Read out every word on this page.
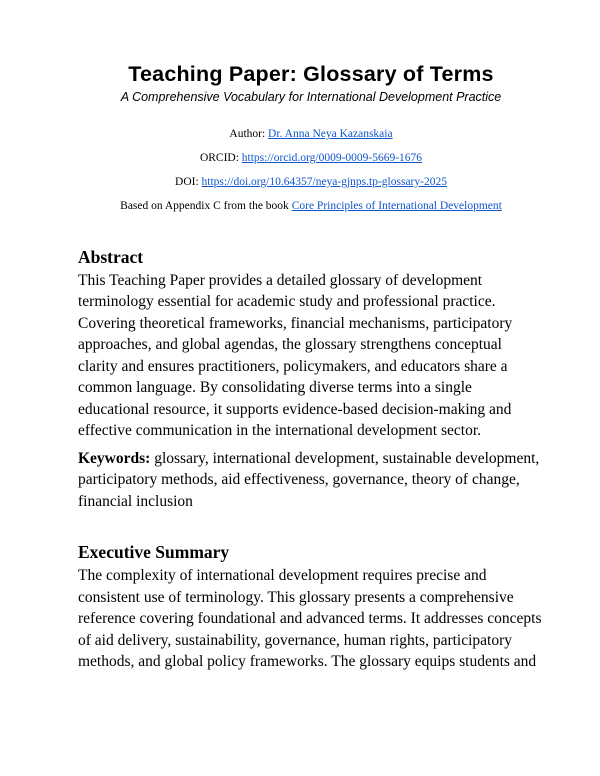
Teaching Paper: Glossary of Terms
A Comprehensive Vocabulary for International Development Practice

Author: Dr. Anna Neya Kazanskaia

ORCID: https://orcid.org/0009-0009-5669-1676

DOI: https://doi.org/10.64357/neya-gjnps.tp-glossary-2025

Based on Appendix C from the book Core Principles of International Development

Abstract

This Teaching Paper provides a detailed glossary of development terminology essential for academic study and professional practice. Covering theoretical frameworks, financial mechanisms, participatory approaches, and global agendas, the glossary strengthens conceptual clarity and ensures practitioners, policymakers, and educators share a common language. By consolidating diverse terms into a single educational resource, it supports evidence-based decision-making and effective communication in the international development sector.

Keywords: glossary, international development, sustainable development, participatory methods, aid effectiveness, governance, theory of change, financial inclusion

Executive Summary

The complexity of international development requires precise and consistent use of terminology. This glossary presents a comprehensive reference covering foundational and advanced terms. It addresses concepts of aid delivery, sustainability, governance, human rights, participatory methods, and global policy frameworks. The glossary equips students and
